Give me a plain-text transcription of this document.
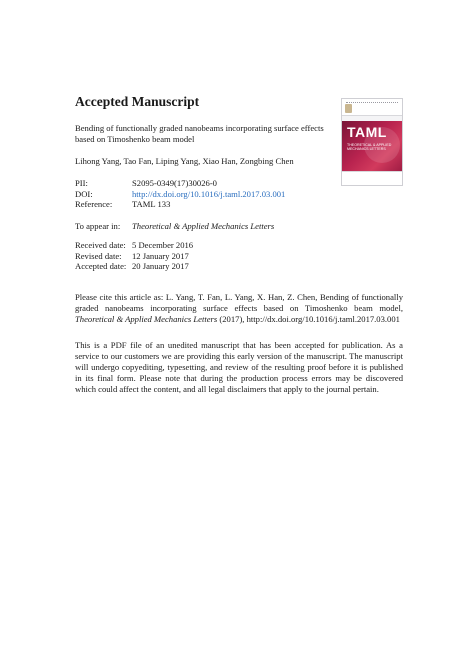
Accepted Manuscript
TAML
THEORETICAL & APPLIED MECHANICS LETTERS

Bending of functionally graded nanobeams incorporating surface effects based on Timoshenko beam model

Lihong Yang, Tao Fan, Liping Yang, Xiao Han, Zongbing Chen
PII:	S2095-0349(17)30026-0
DOI:	http://dx.doi.org/10.1016/j.taml.2017.03.001
Reference:	TAML 133
To appear in:	Theoretical & Applied Mechanics Letters
Received date: 5 December 2016
Revised date:	12 January 2017
Accepted date: 20 January 2017

Please cite this article as: L. Yang, T. Fan, L. Yang, X. Han, Z. Chen, Bending of functionally graded nanobeams incorporating surface effects based on Timoshenko beam model, Theoretical & Applied Mechanics Letters (2017), http://dx.doi.org/10.1016/j.taml.2017.03.001

This is a PDF file of an unedited manuscript that has been accepted for publication. As a service to our customers we are providing this early version of the manuscript. The manuscript will undergo copyediting, typesetting, and review of the resulting proof before it is published in its final form. Please note that during the production process errors may be discovered which could affect the content, and all legal disclaimers that apply to the journal pertain.
